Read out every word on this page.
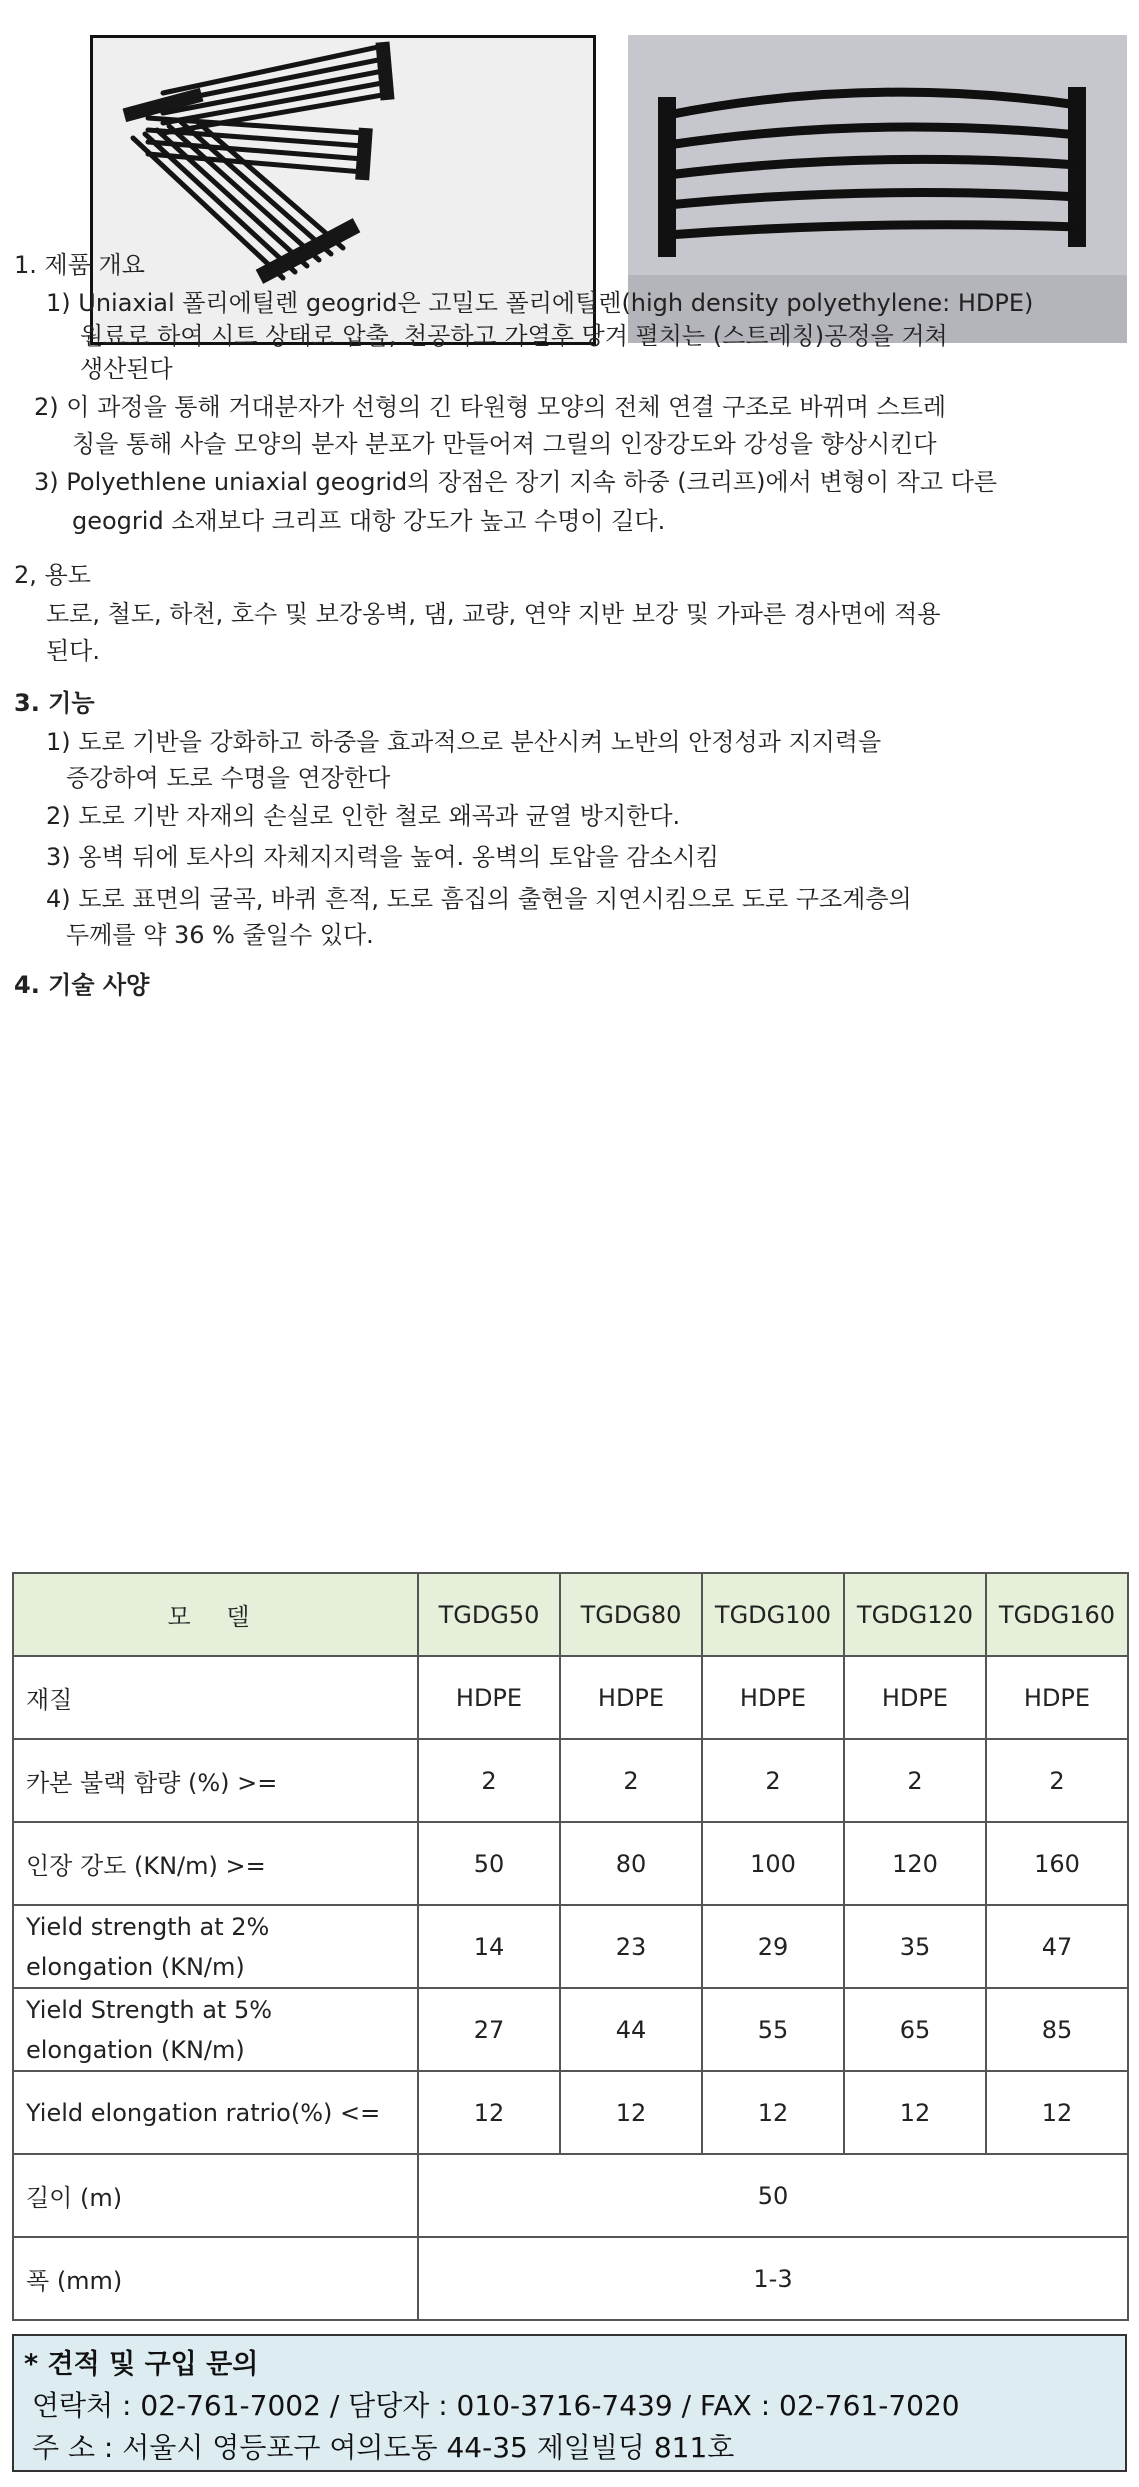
1. 제품 개요
1) Uniaxial 폴리에틸렌 geogrid은 고밀도 폴리에틸렌(high density polyethylene: HDPE)
원료로 하여 시트 상태로 압출, 천공하고 가열후 당겨 펼치는 (스트레칭)공정을 거쳐
생산된다
2) 이 과정을 통해 거대분자가 선형의 긴 타원형 모양의 전체 연결 구조로 바뀌며 스트레
칭을 통해 사슬 모양의 분자 분포가 만들어져 그릴의 인장강도와 강성을 향상시킨다
3) Polyethlene uniaxial geogrid의 장점은 장기 지속 하중 (크리프)에서 변형이 작고 다른
geogrid 소재보다 크리프 대항 강도가 높고 수명이 길다.
2, 용도
도로, 철도, 하천, 호수 및 보강옹벽, 댐, 교량, 연약 지반 보강 및 가파른 경사면에 적용
된다.
3. 기능
1) 도로 기반을 강화하고 하중을 효과적으로 분산시켜 노반의 안정성과 지지력을
증강하여 도로 수명을 연장한다
2) 도로 기반 자재의 손실로 인한 철로 왜곡과 균열 방지한다.
3) 옹벽 뒤에 토사의 자체지지력을 높여. 옹벽의 토압을 감소시킴
4) 도로 표면의 굴곡, 바퀴 흔적, 도로 흠집의 출현을 지연시킴으로 도로 구조계층의
두께를 약 36 % 줄일수 있다.
4. 기술 사양
모 델	TGDG50	TGDG80	TGDG100	TGDG120	TGDG160
재질	HDPE	HDPE	HDPE	HDPE	HDPE
카본 불랙 함량 (%) >=	2	2	2	2	2
인장 강도 (KN/m) >=	50	80	100	120	160

Yield strength at 2%
elongation (KN/m)	14	23	29	35	47

Yield Strength at 5%
elongation (KN/m)	27	44	55	65	85
Yield elongation ratrio(%) <=	12	12	12	12	12
길이 (m)	50				
폭 (mm)	1-3				
* 견적 및 구입 문의
연락처 : 02-761-7002 / 담당자 : 010-3716-7439 / FAX : 02-761-7020
주 소 : 서울시 영등포구 여의도동 44-35 제일빌딩 811호
